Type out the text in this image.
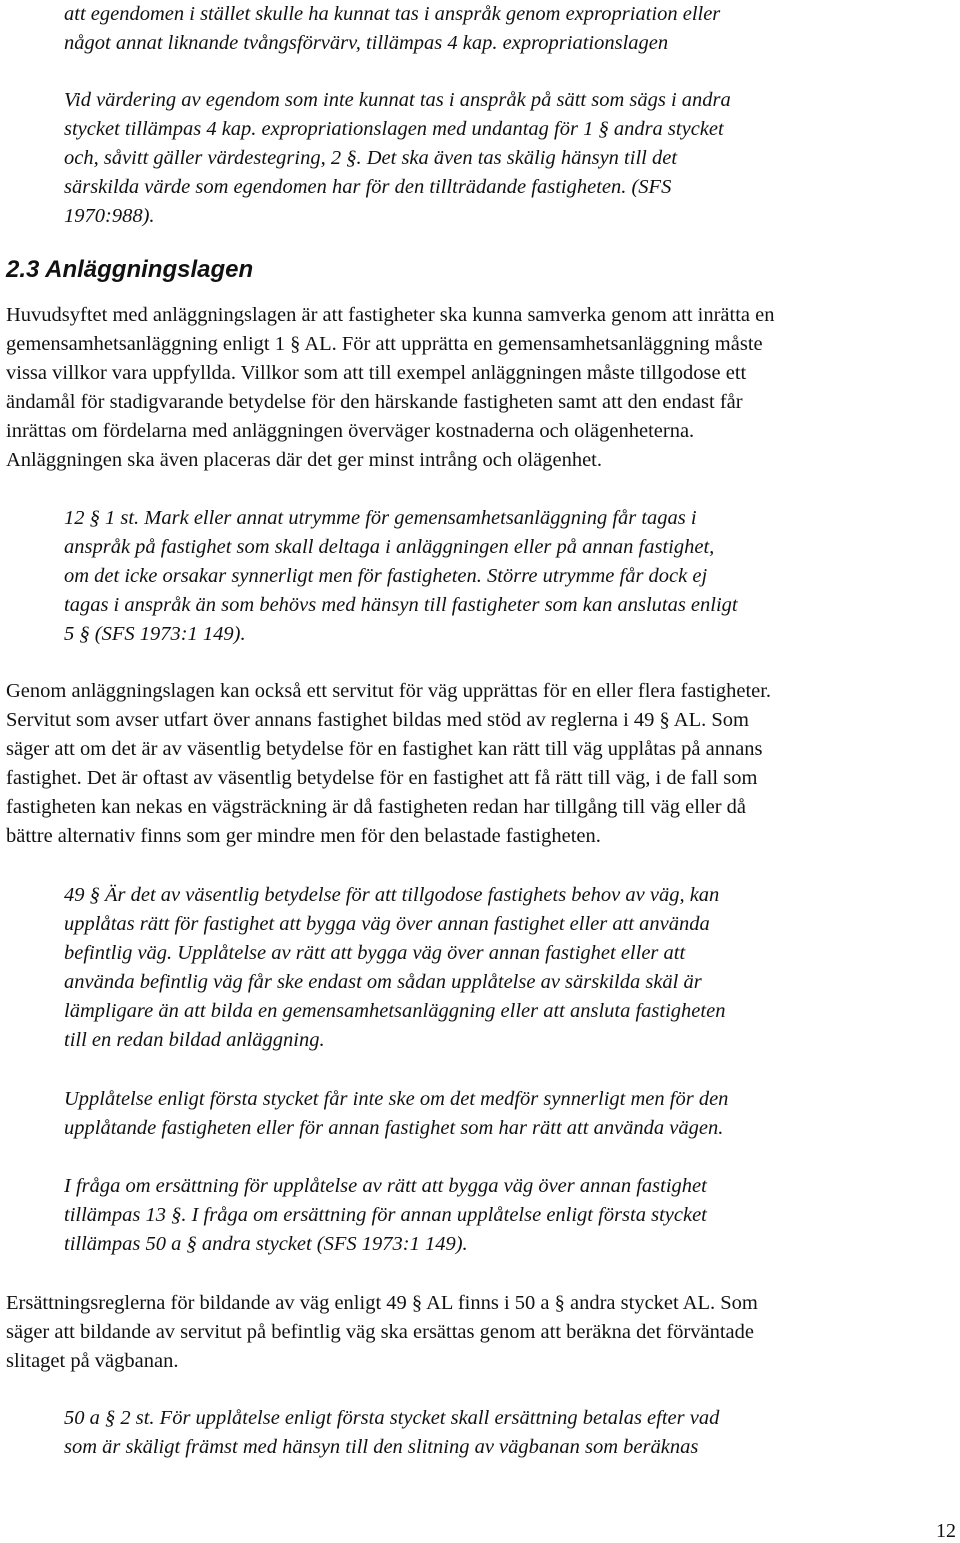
att egendomen i stället skulle ha kunnat tas i anspråk genom expropriation eller

något annat liknande tvångsförvärv, tillämpas 4 kap. expropriationslagen

Vid värdering av egendom som inte kunnat tas i anspråk på sätt som sägs i andra

stycket tillämpas 4 kap. expropriationslagen med undantag för 1 § andra stycket

och, såvitt gäller värdestegring, 2 §. Det ska även tas skälig hänsyn till det

särskilda värde som egendomen har för den tillträdande fastigheten. (SFS

1970:988).

2.3 Anläggningslagen

Huvudsyftet med anläggningslagen är att fastigheter ska kunna samverka genom att inrätta en

gemensamhetsanläggning enligt 1 § AL. För att upprätta en gemensamhetsanläggning måste

vissa villkor vara uppfyllda. Villkor som att till exempel anläggningen måste tillgodose ett

ändamål för stadigvarande betydelse för den härskande fastigheten samt att den endast får

inrättas om fördelarna med anläggningen överväger kostnaderna och olägenheterna.

Anläggningen ska även placeras där det ger minst intrång och olägenhet.

12 § 1 st. Mark eller annat utrymme för gemensamhetsanläggning får tagas i

anspråk på fastighet som skall deltaga i anläggningen eller på annan fastighet,

om det icke orsakar synnerligt men för fastigheten. Större utrymme får dock ej

tagas i anspråk än som behövs med hänsyn till fastigheter som kan anslutas enligt

5 § (SFS 1973:1 149).

Genom anläggningslagen kan också ett servitut för väg upprättas för en eller flera fastigheter.

Servitut som avser utfart över annans fastighet bildas med stöd av reglerna i 49 § AL. Som

säger att om det är av väsentlig betydelse för en fastighet kan rätt till väg upplåtas på annans

fastighet. Det är oftast av väsentlig betydelse för en fastighet att få rätt till väg, i de fall som

fastigheten kan nekas en vägsträckning är då fastigheten redan har tillgång till väg eller då

bättre alternativ finns som ger mindre men för den belastade fastigheten.

49 § Är det av väsentlig betydelse för att tillgodose fastighets behov av väg, kan

upplåtas rätt för fastighet att bygga väg över annan fastighet eller att använda

befintlig väg. Upplåtelse av rätt att bygga väg över annan fastighet eller att

använda befintlig väg får ske endast om sådan upplåtelse av särskilda skäl är

lämpligare än att bilda en gemensamhetsanläggning eller att ansluta fastigheten

till en redan bildad anläggning.

Upplåtelse enligt första stycket får inte ske om det medför synnerligt men för den

upplåtande fastigheten eller för annan fastighet som har rätt att använda vägen.

I fråga om ersättning för upplåtelse av rätt att bygga väg över annan fastighet

tillämpas 13 §. I fråga om ersättning för annan upplåtelse enligt första stycket

tillämpas 50 a § andra stycket (SFS 1973:1 149).

Ersättningsreglerna för bildande av väg enligt 49 § AL finns i 50 a § andra stycket AL. Som

säger att bildande av servitut på befintlig väg ska ersättas genom att beräkna det förväntade

slitaget på vägbanan.

50 a § 2 st. För upplåtelse enligt första stycket skall ersättning betalas efter vad

som är skäligt främst med hänsyn till den slitning av vägbanan som beräknas

12
